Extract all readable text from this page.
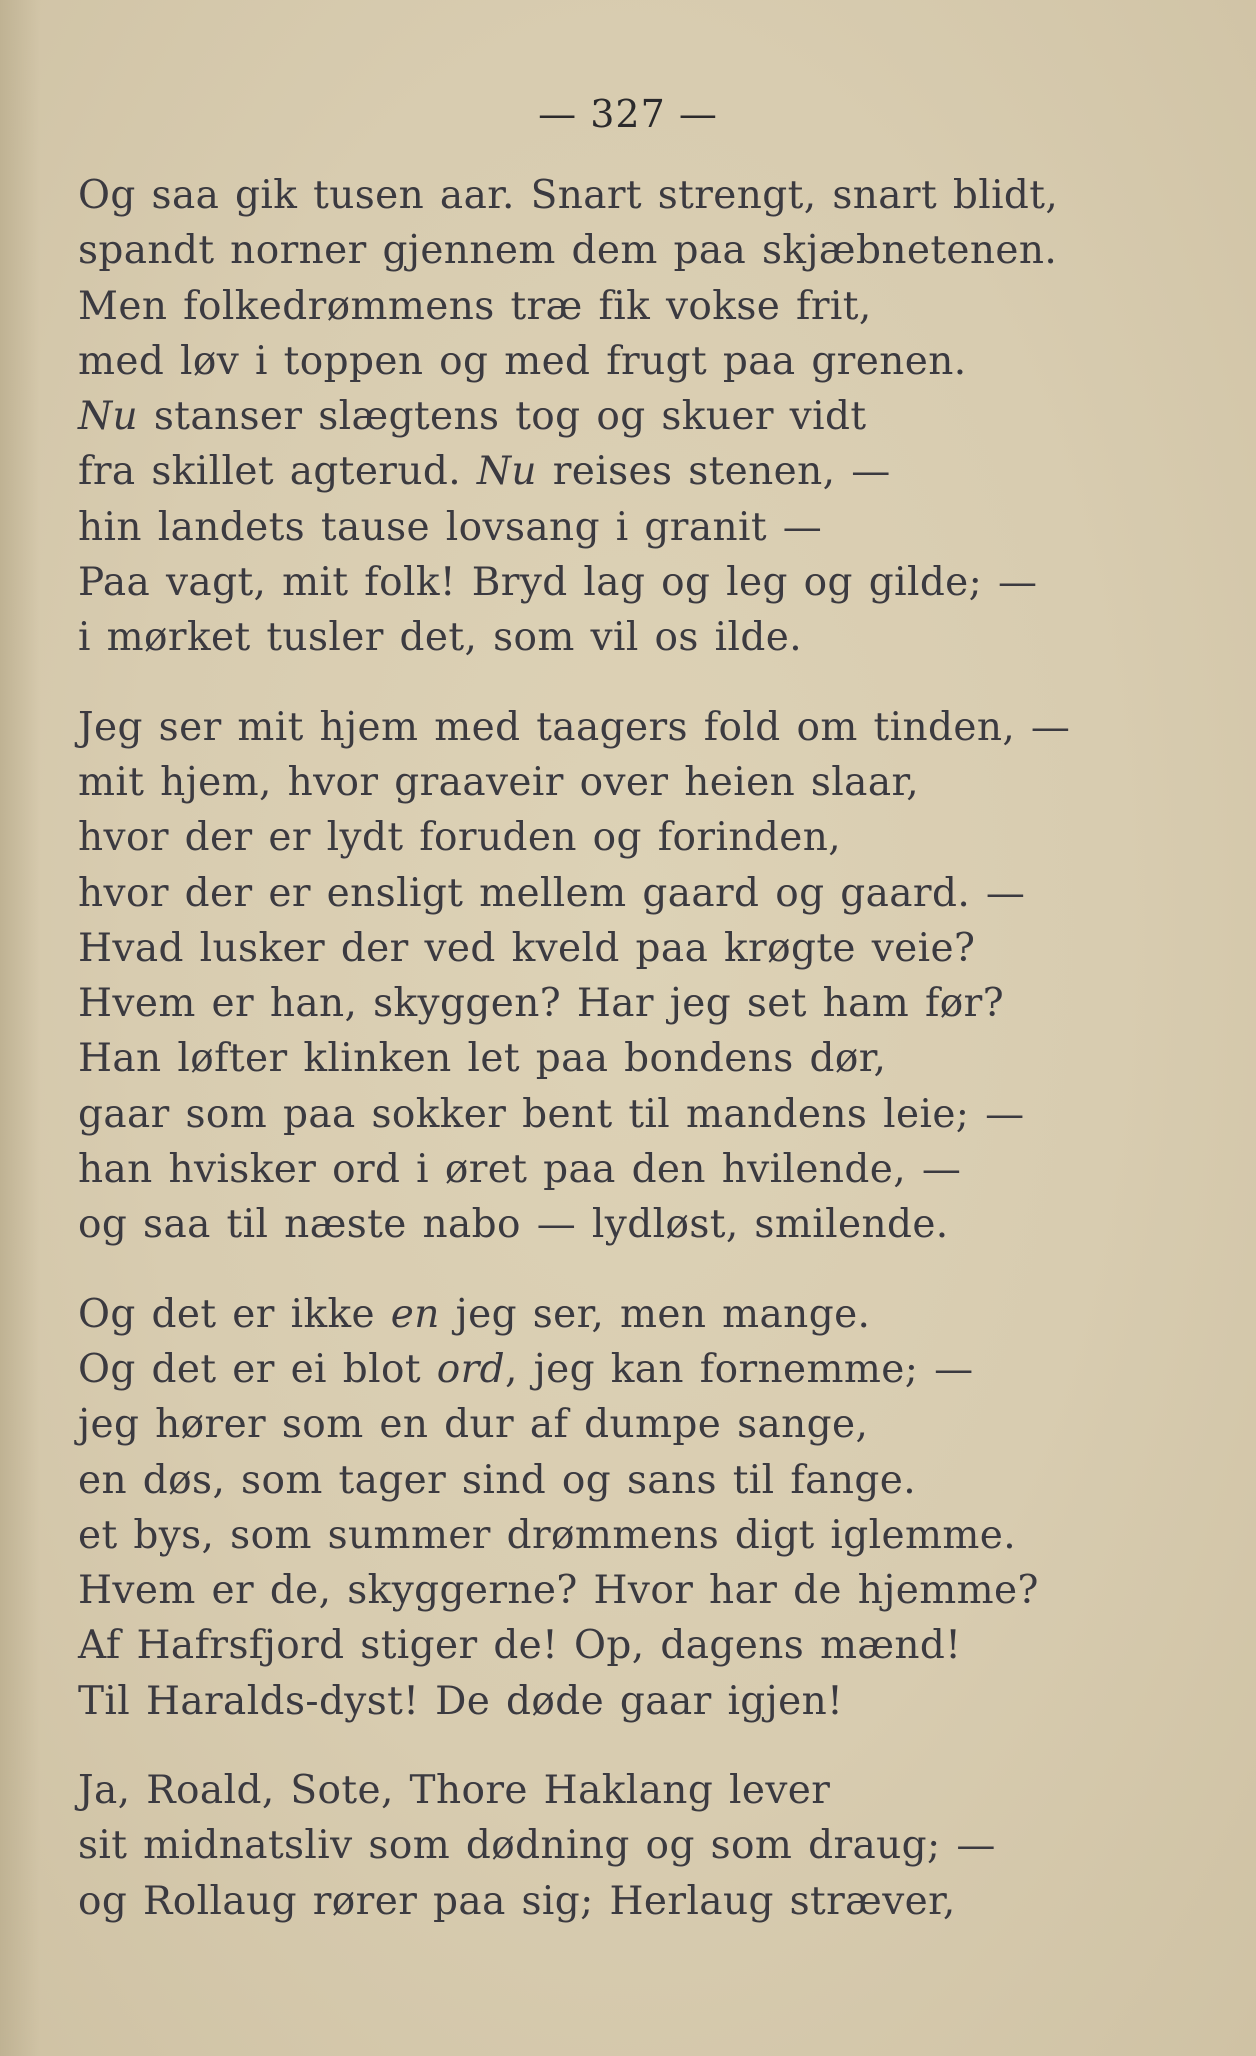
— 327 —
Og saa gik tusen aar. Snart strengt, snart blidt,
spandt norner gjennem dem paa skjæbnetenen.
Men folkedrømmens træ fik vokse frit,
med løv i toppen og med frugt paa grenen.
Nu stanser slægtens tog og skuer vidt
fra skillet agterud. Nu reises stenen, —
hin landets tause lovsang i granit —
Paa vagt, mit folk! Bryd lag og leg og gilde; —
i mørket tusler det, som vil os ilde.
Jeg ser mit hjem med taagers fold om tinden, —
mit hjem, hvor graaveir over heien slaar,
hvor der er lydt foruden og forinden,
hvor der er ensligt mellem gaard og gaard. —
Hvad lusker der ved kveld paa krøgte veie?
Hvem er han, skyggen? Har jeg set ham før?
Han løfter klinken let paa bondens dør,
gaar som paa sokker bent til mandens leie; —
han hvisker ord i øret paa den hvilende, —
og saa til næste nabo — lydløst, smilende.
Og det er ikke en jeg ser, men mange.
Og det er ei blot ord, jeg kan fornemme; —
jeg hører som en dur af dumpe sange,
en døs, som tager sind og sans til fange.
et bys, som summer drømmens digt iglemme.
Hvem er de, skyggerne? Hvor har de hjemme?
Af Hafrsfjord stiger de! Op, dagens mænd!
Til Haralds-dyst! De døde gaar igjen!
Ja, Roald, Sote, Thore Haklang lever
sit midnatsliv som dødning og som draug; —
og Rollaug rører paa sig; Herlaug stræver,
